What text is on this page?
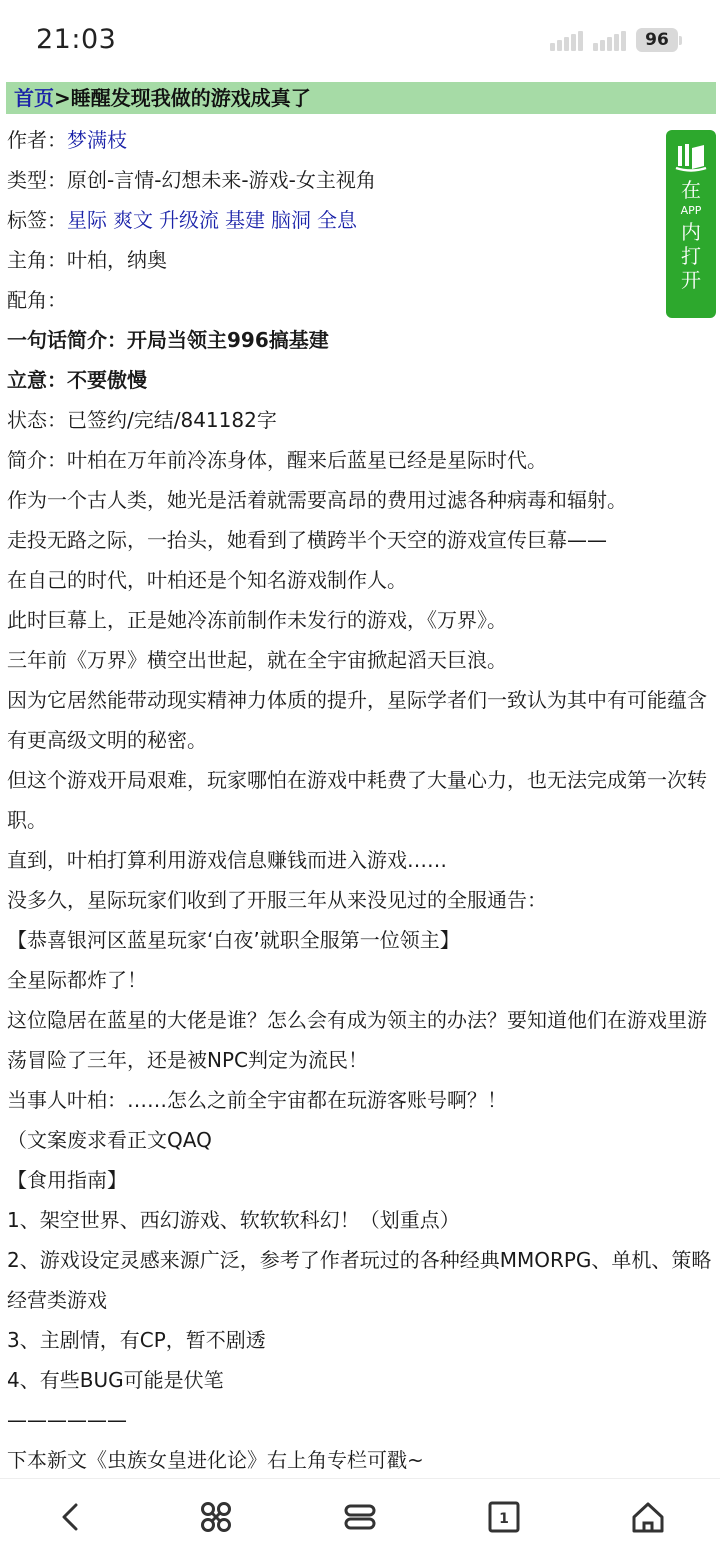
21:03	96
首页>睡醒发现我做的游戏成真了
作者：梦满枝
类型：原创-言情-幻想未来-游戏-女主视角
标签：星际 爽文 升级流 基建 脑洞 全息
主角：叶柏，纳奥
配角：
一句话简介：开局当领主996搞基建
立意：不要傲慢
状态：已签约/完结/841182字
简介：叶柏在万年前冷冻身体，醒来后蓝星已经是星际时代。
作为一个古人类，她光是活着就需要高昂的费用过滤各种病毒和辐射。
走投无路之际，一抬头，她看到了横跨半个天空的游戏宣传巨幕——
在自己的时代，叶柏还是个知名游戏制作人。
此时巨幕上，正是她冷冻前制作未发行的游戏，《万界》。
三年前《万界》横空出世起，就在全宇宙掀起滔天巨浪。
因为它居然能带动现实精神力体质的提升，星际学者们一致认为其中有可能蕴含有更高级文明的秘密。
但这个游戏开局艰难，玩家哪怕在游戏中耗费了大量心力，也无法完成第一次转职。
直到，叶柏打算利用游戏信息赚钱而进入游戏……
没多久，星际玩家们收到了开服三年从来没见过的全服通告：
【恭喜银河区蓝星玩家‘白夜’就职全服第一位领主】
全星际都炸了！
这位隐居在蓝星的大佬是谁？怎么会有成为领主的办法？要知道他们在游戏里游荡冒险了三年，还是被NPC判定为流民！
当事人叶柏：……怎么之前全宇宙都在玩游客账号啊？！
（文案废求看正文QAQ
【食用指南】
1、架空世界、西幻游戏、软软软科幻！（划重点）
2、游戏设定灵感来源广泛，参考了作者玩过的各种经典MMORPG、单机、策略经营类游戏
3、主剧情，有CP，暂不剧透
4、有些BUG可能是伏笔
——————
下本新文《虫族女皇进化论》右上角专栏可戳~
在
APP
内
打
开
1
